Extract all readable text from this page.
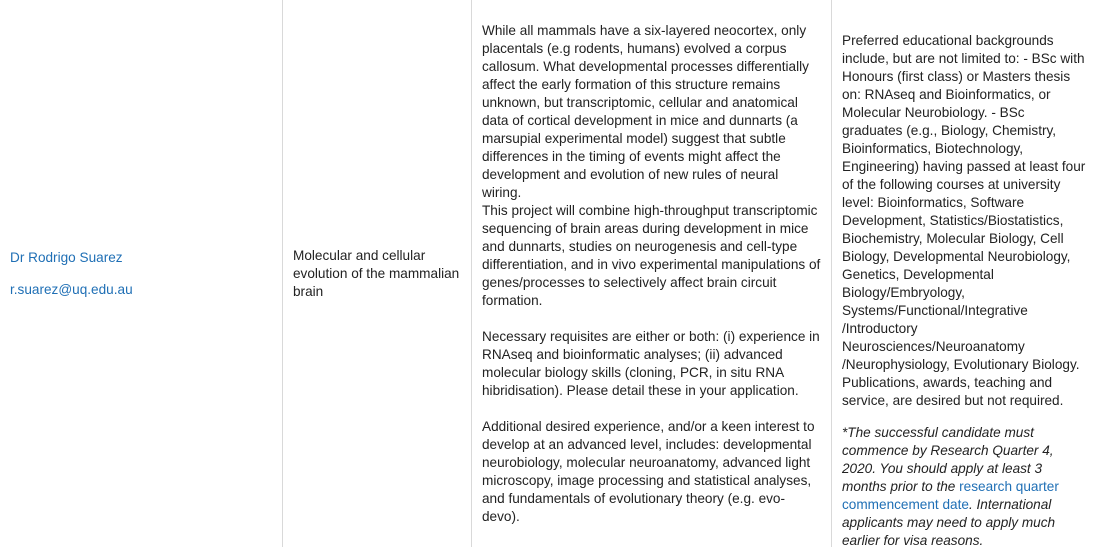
Dr Rodrigo Suarez

r.suarez@uq.edu.au

Molecular and cellular evolution of the mammalian brain

While all mammals have a six-layered neocortex, only placentals (e.g rodents, humans) evolved a corpus callosum. What developmental processes differentially affect the early formation of this structure remains unknown, but transcriptomic, cellular and anatomical data of cortical development in mice and dunnarts (a marsupial experimental model) suggest that subtle differences in the timing of events might affect the development and evolution of new rules of neural wiring.
This project will combine high-throughput transcriptomic sequencing of brain areas during development in mice and dunnarts, studies on neurogenesis and cell-type differentiation, and in vivo experimental manipulations of genes/processes to selectively affect brain circuit formation.

Necessary requisites are either or both: (i) experience in RNAseq and bioinformatic analyses; (ii) advanced molecular biology skills (cloning, PCR, in situ RNA hibridisation). Please detail these in your application.

Additional desired experience, and/or a keen interest to develop at an advanced level, includes: developmental neurobiology, molecular neuroanatomy, advanced light microscopy, image processing and statistical analyses, and fundamentals of evolutionary theory (e.g. evo-devo).

Preferred educational backgrounds include, but are not limited to: - BSc with Honours (first class) or Masters thesis on: RNAseq and Bioinformatics, or Molecular Neurobiology. - BSc graduates (e.g., Biology, Chemistry, Bioinformatics, Biotechnology, Engineering) having passed at least four of the following courses at university level: Bioinformatics, Software Development, Statistics/Biostatistics, Biochemistry, Molecular Biology, Cell Biology, Developmental Neurobiology, Genetics, Developmental Biology/Embryology, Systems/Functional/Integrative /Introductory Neurosciences/Neuroanatomy /Neurophysiology, Evolutionary Biology. Publications, awards, teaching and service, are desired but not required.

*The successful candidate must commence by Research Quarter 4, 2020. You should apply at least 3 months prior to the research quarter commencement date. International applicants may need to apply much earlier for visa reasons.
